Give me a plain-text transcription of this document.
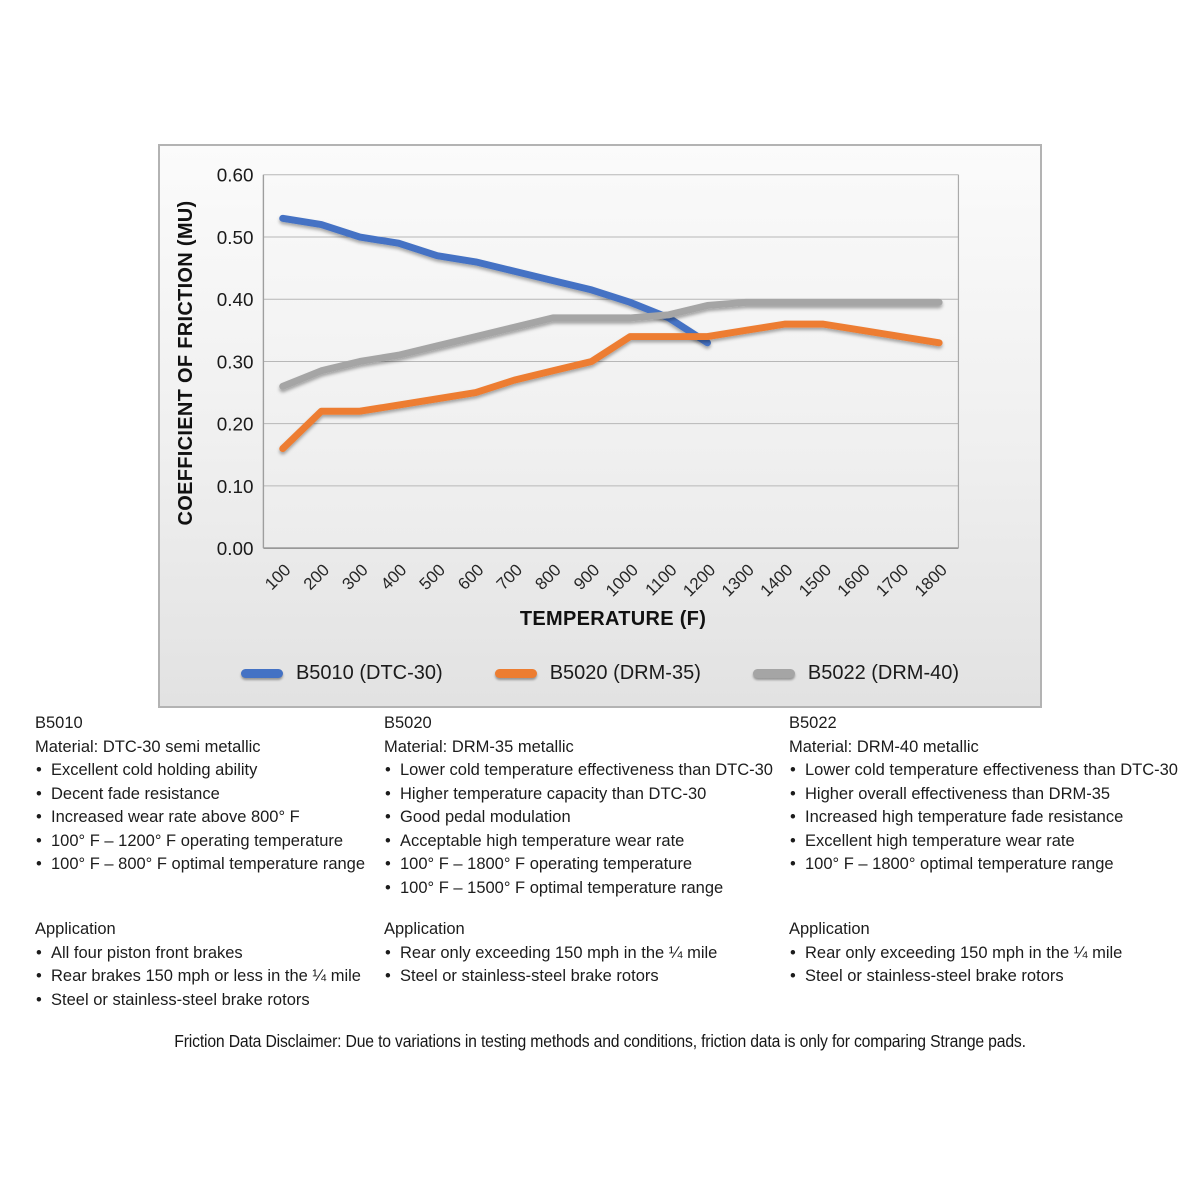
COEFFICIENT OF FRICTION (MU)
0.00
0.10
0.20
0.30
0.40
0.50
0.60
100 200 300 400 500 600 700 800 900
1000 1100
1200
1300
1400
1500
1600
1700
1800
TEMPERATURE (F)
B5010 (DTC-30)	B5020 (DRM-35)	B5022 (DRM-40)
B5010
Material: DTC-30 semi metallic
• Excellent cold holding ability
• Decent fade resistance
• Increased wear rate above 800° F
• 100° F – 1200° F operating temperature
• 100° F – 800° F optimal temperature range
Application
• All four piston front brakes
• Rear brakes 150 mph or less in the ¼ mile
• Steel or stainless-steel brake rotors
B5020
Material: DRM-35 metallic
• Lower cold temperature effectiveness than DTC-30
• Higher temperature capacity than DTC-30
• Good pedal modulation
• Acceptable high temperature wear rate
• 100° F – 1800° F operating temperature
• 100° F – 1500° F optimal temperature range
Application
• Rear only exceeding 150 mph in the ¼ mile
• Steel or stainless-steel brake rotors
B5022
Material: DRM-40 metallic
• Lower cold temperature effectiveness than DTC-30
• Higher overall effectiveness than DRM-35
• Increased high temperature fade resistance
• Excellent high temperature wear rate
• 100° F – 1800° optimal temperature range
Application
• Rear only exceeding 150 mph in the ¼ mile
• Steel or stainless-steel brake rotors
Friction Data Disclaimer: Due to variations in testing methods and conditions, friction data is only for comparing Strange pads.
